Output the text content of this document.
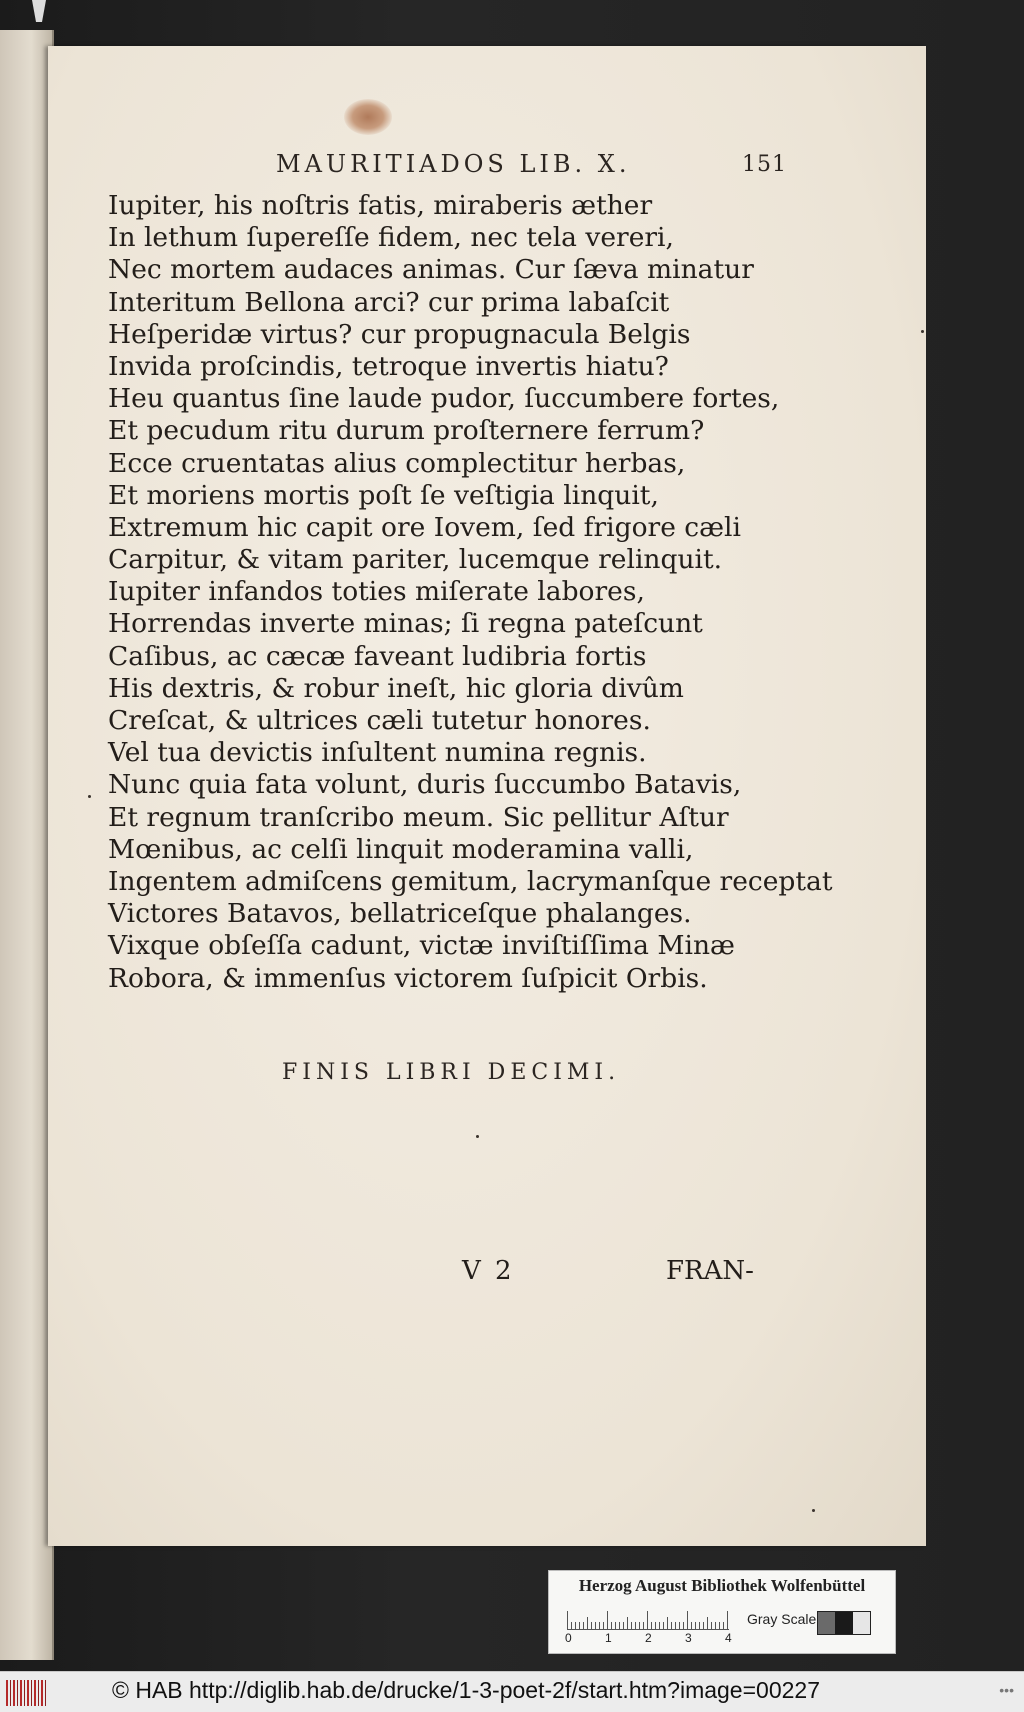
MAURITIADOS LIB. X.	151
Iupiter, his noſtris fatis, miraberis æther
In lethum ſupereſſe fidem, nec tela vereri,
Nec mortem audaces animas. Cur ſæva minatur
Interitum Bellona arci? cur prima labaſcit
Heſperidæ virtus? cur propugnacula Belgis
Invida proſcindis, tetroque invertis hiatu?
Heu quantus ſine laude pudor, ſuccumbere fortes,
Et pecudum ritu durum proſternere ferrum?
Ecce cruentatas alius complectitur herbas,
Et moriens mortis poſt ſe veſtigia linquit,
Extremum hic capit ore Iovem, ſed frigore cæli
Carpitur, & vitam pariter, lucemque relinquit.
Iupiter infandos toties miſerate labores,
Horrendas inverte minas; ſi regna pateſcunt
Caſibus, ac cæcæ faveant ludibria fortis
His dextris, & robur ineſt, hic gloria divûm
Creſcat, & ultrices cæli tutetur honores.
Vel tua devictis inſultent numina regnis.
Nunc quia fata volunt, duris ſuccumbo Batavis,
Et regnum tranſcribo meum. Sic pellitur Aſtur
Mœnibus, ac celſi linquit moderamina valli,
Ingentem admiſcens gemitum, lacrymanſque receptat
Victores Batavos, bellatriceſque phalanges.
Vixque obſeſſa cadunt, victæ inviſtiſſima Minæ
Robora, & immenſus victorem ſuſpicit Orbis.
FINIS LIBRI DECIMI.
V 2	FRAN-
Herzog August Bibliothek Wolfenbüttel
0	1	2	3	4
Gray Scale
© HAB http://diglib.hab.de/drucke/1-3-poet-2f/start.htm?image=00227	•••
